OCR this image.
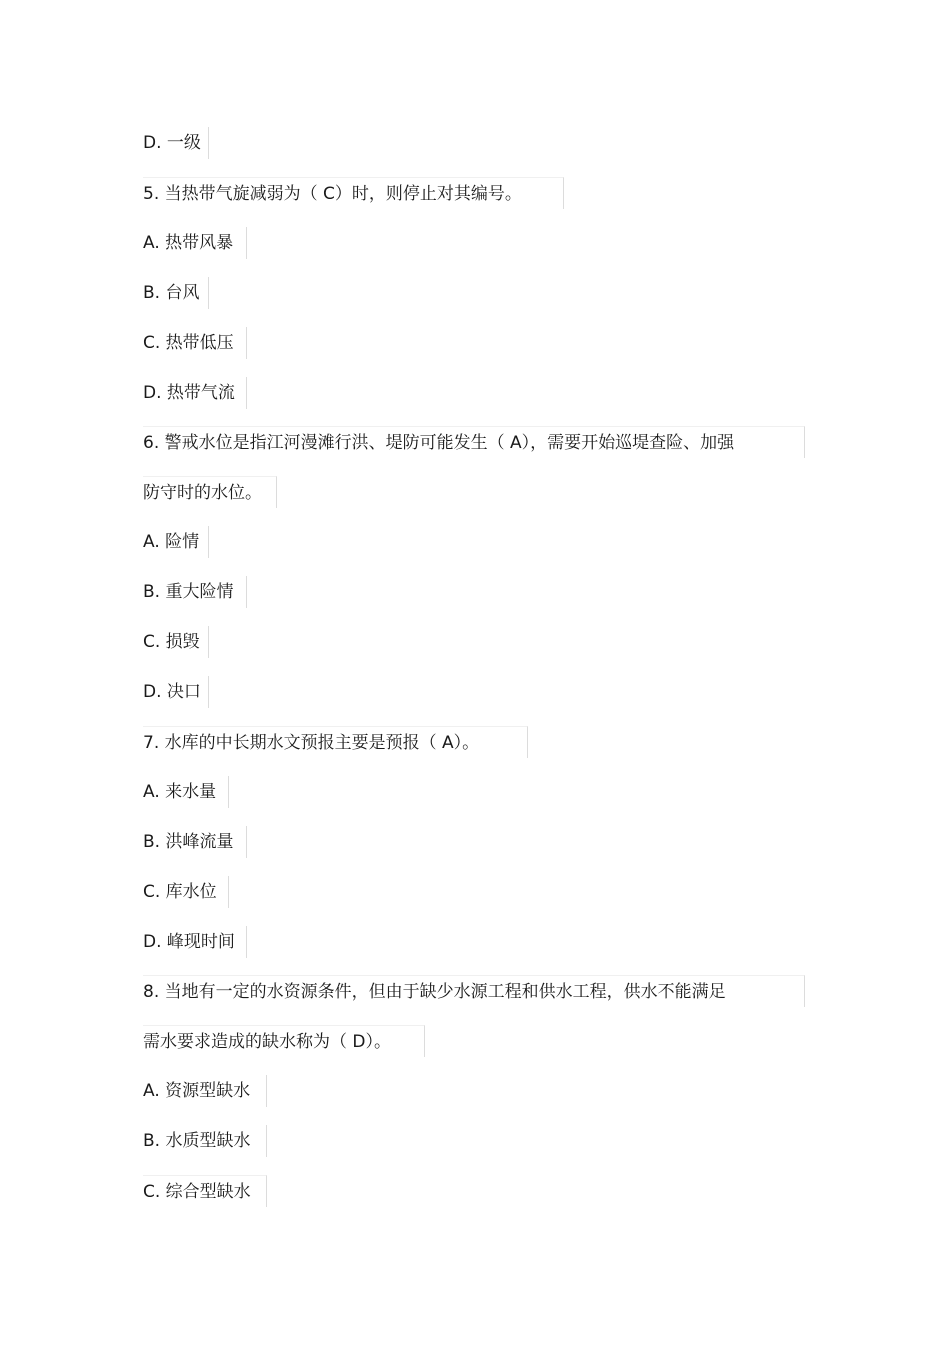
D. 一级
5. 当热带气旋减弱为（ C）时，则停止对其编号。
A. 热带风暴
B. 台风
C. 热带低压
D. 热带气流
6. 警戒水位是指江河漫滩行洪、堤防可能发生（ A），需要开始巡堤查险、加强
防守时的水位。
A. 险情
B. 重大险情
C. 损毁
D. 决口
7. 水库的中长期水文预报主要是预报（ A）。
A. 来水量
B. 洪峰流量
C. 库水位
D. 峰现时间
8. 当地有一定的水资源条件，但由于缺少水源工程和供水工程，供水不能满足
需水要求造成的缺水称为（ D）。
A. 资源型缺水
B. 水质型缺水
C. 综合型缺水
